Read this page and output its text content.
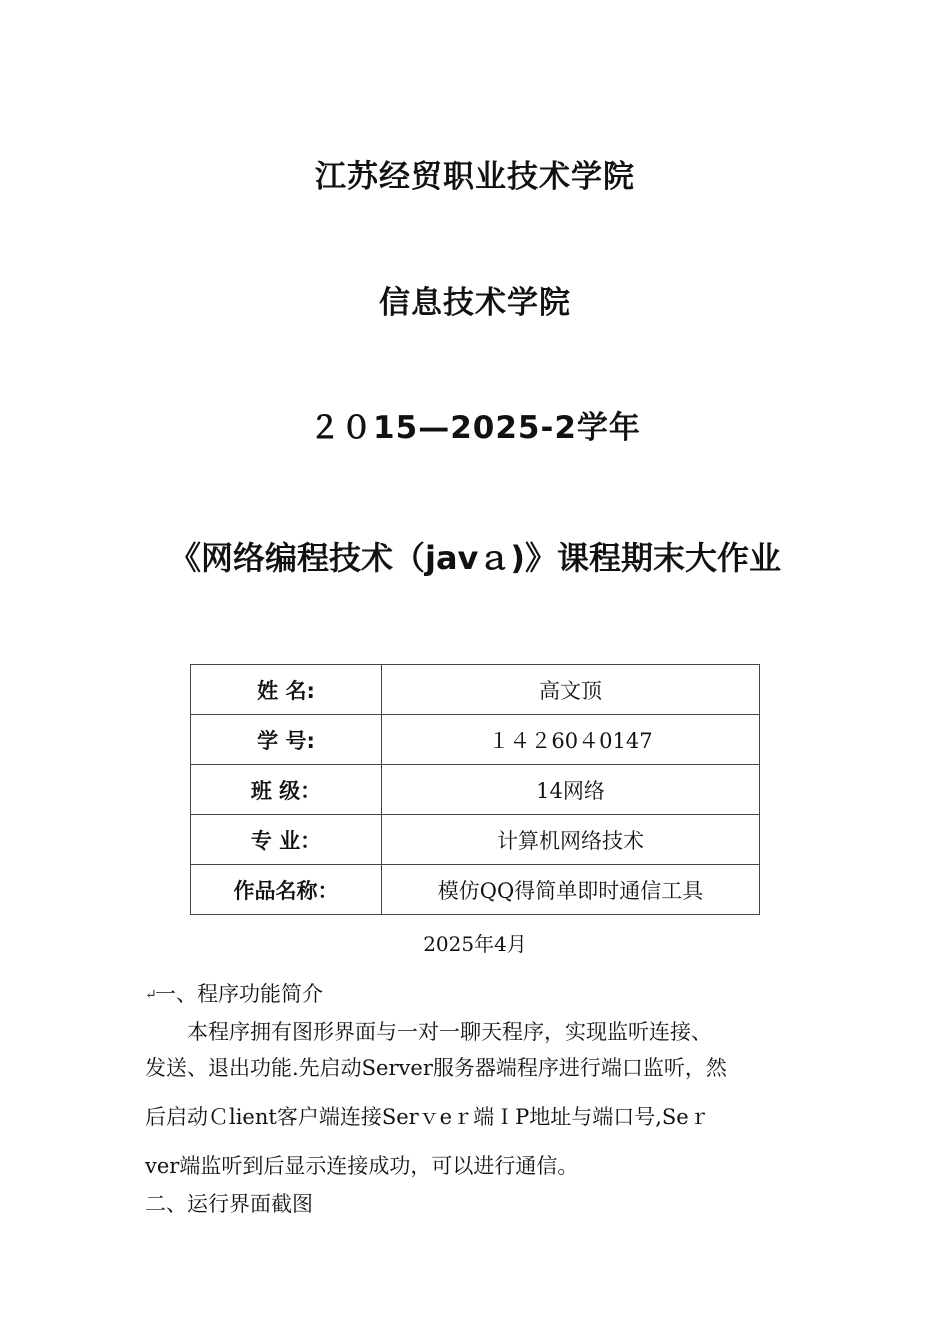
江苏经贸职业技术学院
信息技术学院
２０15—2025-2学年
《网络编程技术（javａ)》课程期末大作业
姓 名:	高文顶
学 号:	１４２60４0147
班 级：	14网络
专 业：	计算机网络技术
作品名称：	模仿QQ得简单即时通信工具
2025年4月
↵一、程序功能简介
　　本程序拥有图形界面与一对一聊天程序，实现监听连接、
发送、退出功能.先启动Server服务器端程序进行端口监听，然
后启动Ｃlient客户端连接Serｖeｒ端ＩP地址与端口号,Seｒ
ver端监听到后显示连接成功，可以进行通信。
二、运行界面截图
